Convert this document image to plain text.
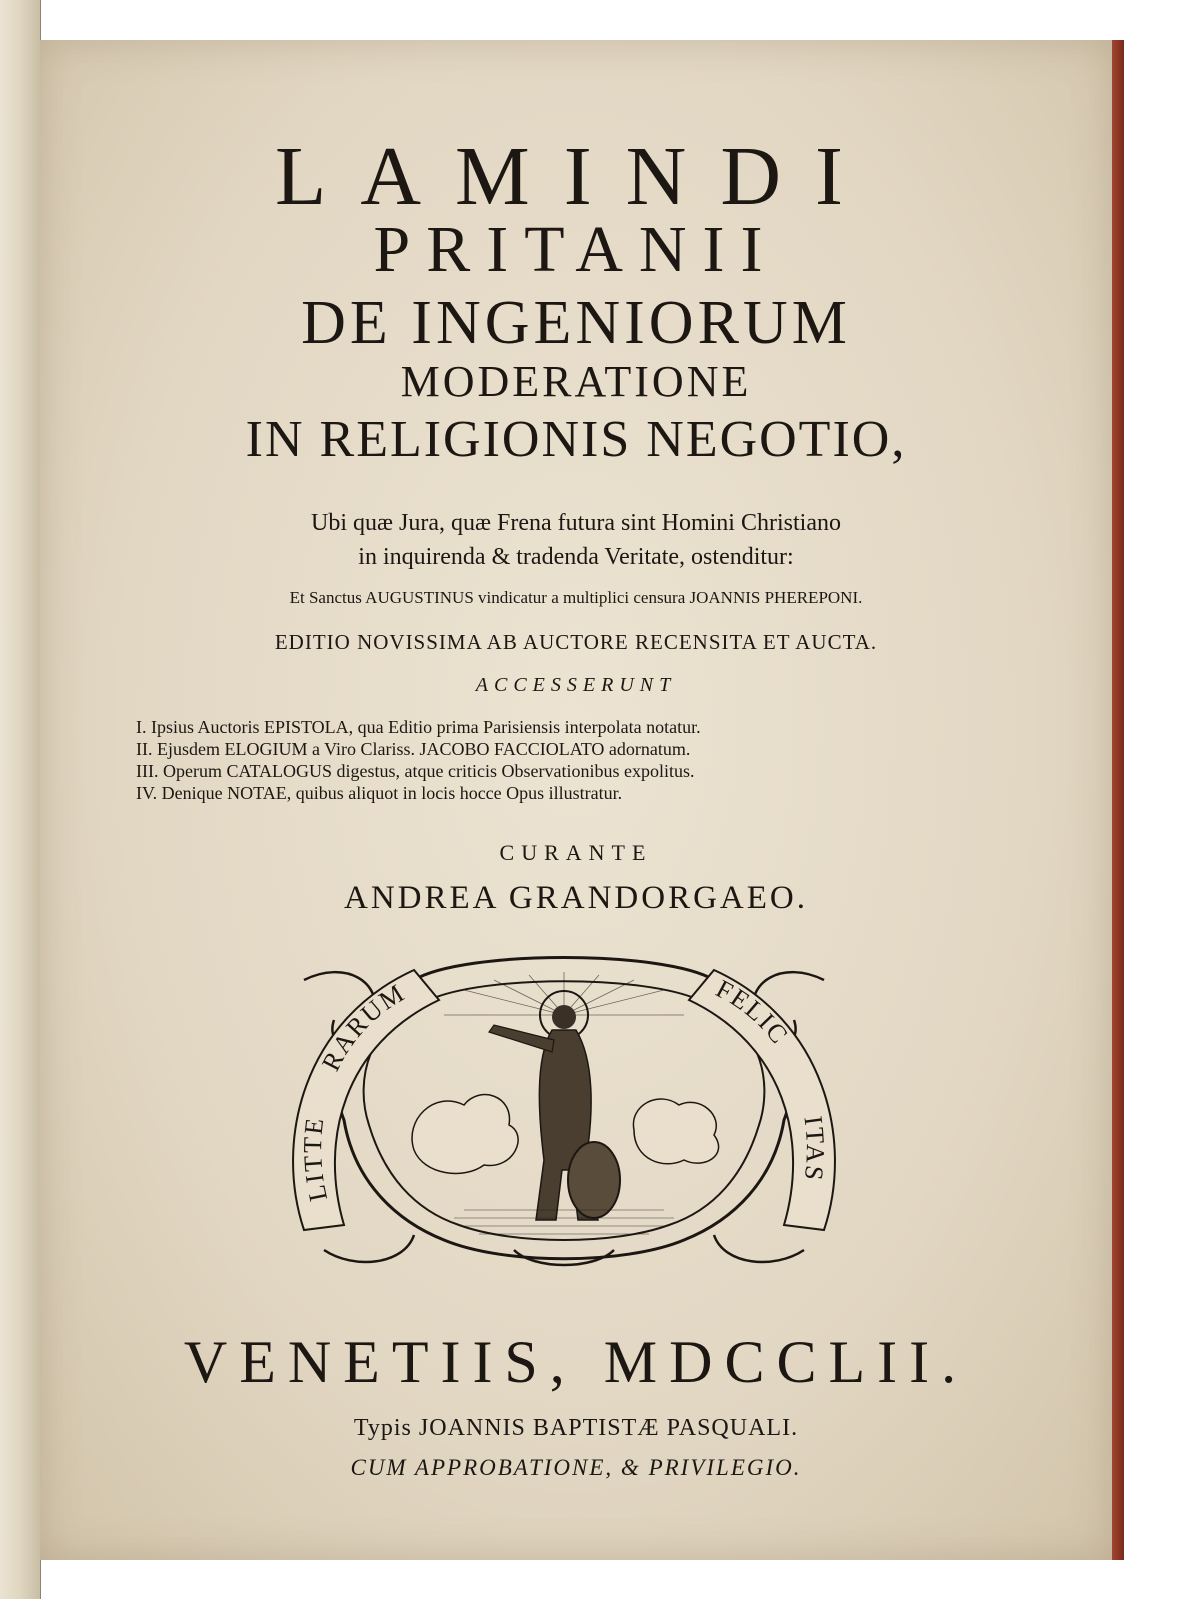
LAMINDI
PRITANII
DE INGENIORUM
MODERATIONE
IN RELIGIONIS NEGOTIO,
Ubi quæ Jura, quæ Frena futura sint Homini Christiano
in inquirenda & tradenda Veritate, ostenditur:
Et Sanctus AUGUSTINUS vindicatur a multiplici censura JOANNIS PHEREPONI.
EDITIO NOVISSIMA AB AUCTORE RECENSITA ET AUCTA.
ACCESSERUNT
I. Ipsius Auctoris EPISTOLA, qua Editio prima Parisiensis interpolata notatur.
II. Ejusdem ELOGIUM a Viro Clariss. JACOBO FACCIOLATO adornatum.
III. Operum CATALOGUS digestus, atque criticis Observationibus expolitus.
IV. Denique NOTAE, quibus aliquot in locis hocce Opus illustratur.
CURANTE
ANDREA GRANDORGAEO.
LITTE
RARUM	FELIC
ITAS
VENETIIS, MDCCLII.
Typis JOANNIS BAPTISTÆ PASQUALI.
CUM APPROBATIONE, & PRIVILEGIO.
